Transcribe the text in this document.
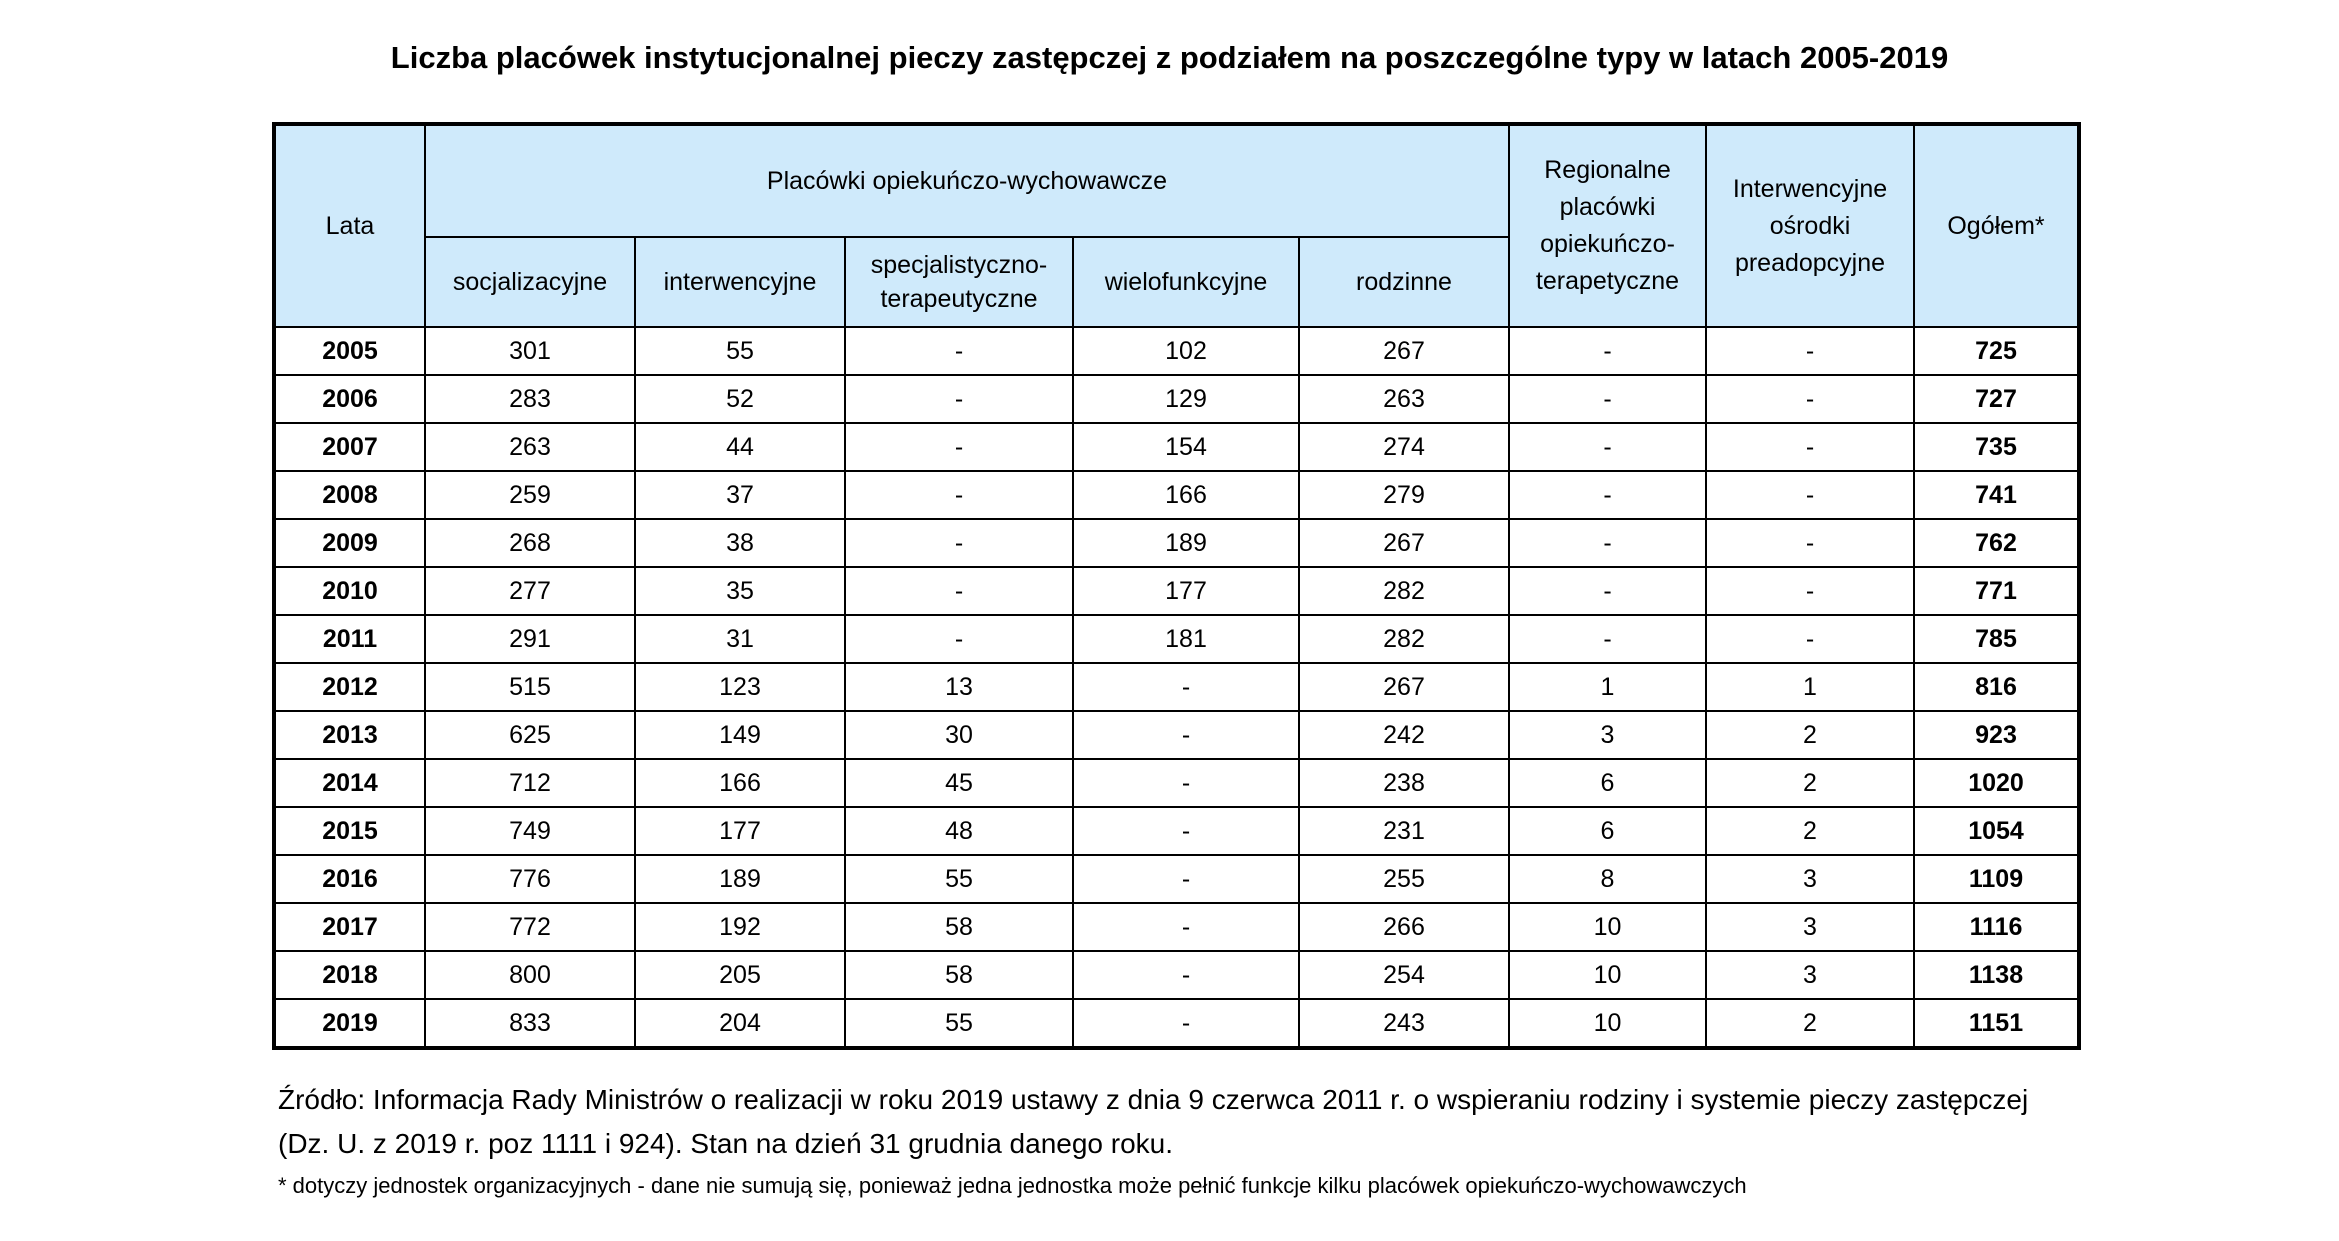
Liczba placówek instytucjonalnej pieczy zastępczej z podziałem na poszczególne typy w latach 2005-2019
Lata	Placówki opiekuńczo-wychowawcze					Regionalne placówki opiekuńczo-terapetyczne	Interwencyjne ośrodki preadopcyjne	Ogółem*
	socjalizacyjne	interwencyjne	specjalistyczno-terapeutyczne	wielofunkcyjne	rodzinne			
2005	301	55	-	102	267	-	-	725
2006	283	52	-	129	263	-	-	727
2007	263	44	-	154	274	-	-	735
2008	259	37	-	166	279	-	-	741
2009	268	38	-	189	267	-	-	762
2010	277	35	-	177	282	-	-	771
2011	291	31	-	181	282	-	-	785
2012	515	123	13	-	267	1	1	816
2013	625	149	30	-	242	3	2	923
2014	712	166	45	-	238	6	2	1020
2015	749	177	48	-	231	6	2	1054
2016	776	189	55	-	255	8	3	1109
2017	772	192	58	-	266	10	3	1116
2018	800	205	58	-	254	10	3	1138
2019	833	204	55	-	243	10	2	1151
Źródło: Informacja Rady Ministrów o realizacji w roku 2019 ustawy z dnia 9 czerwca 2011 r. o wspieraniu rodziny i systemie pieczy zastępczej
(Dz. U. z 2019 r. poz 1111 i 924). Stan na dzień 31 grudnia danego roku.
* dotyczy jednostek organizacyjnych - dane nie sumują się, ponieważ jedna jednostka może pełnić funkcje kilku placówek opiekuńczo-wychowawczych
